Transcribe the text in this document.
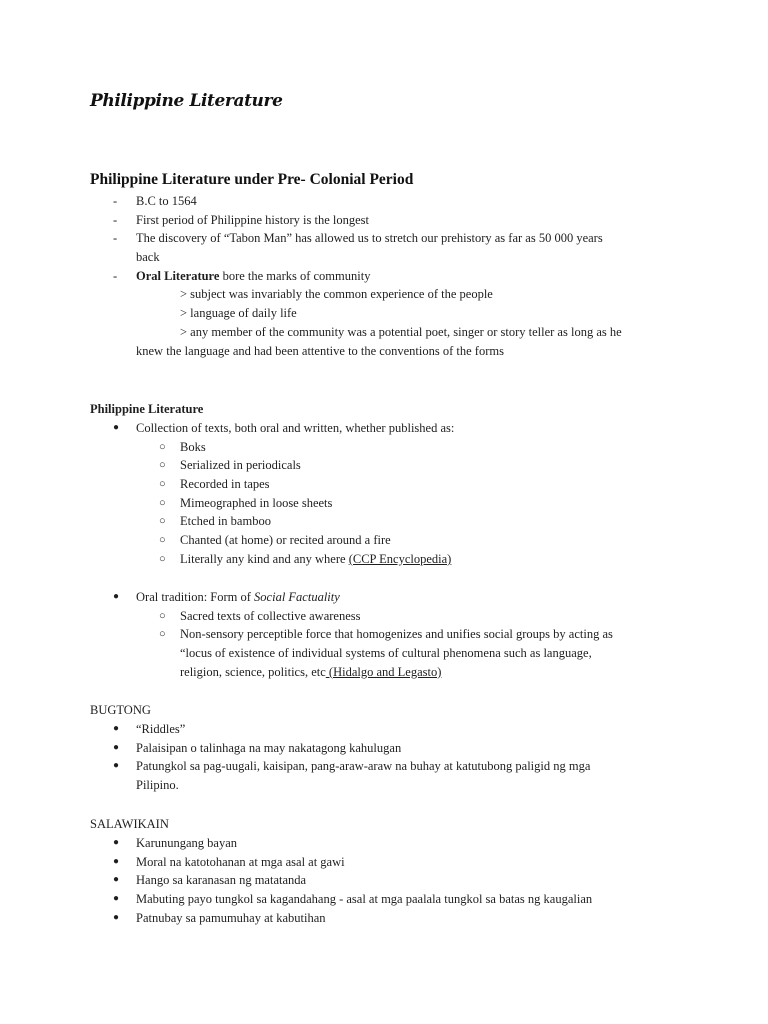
Philippine Literature
Philippine Literature under Pre- Colonial Period
- B.C to 1564
- First period of Philippine history is the longest
- The discovery of “Tabon Man” has allowed us to stretch our prehistory as far as 50 000 years
back
- Oral Literature bore the marks of community
> subject was invariably the common experience of the people
> language of daily life
> any member of the community was a potential poet, singer or story teller as long as he
knew the language and had been attentive to the conventions of the forms
Philippine Literature
● Collection of texts, both oral and written, whether published as:
○ Boks
○ Serialized in periodicals
○ Recorded in tapes
○ Mimeographed in loose sheets
○ Etched in bamboo
○ Chanted (at home) or recited around a fire
○ Literally any kind and any where (CCP Encyclopedia)
● Oral tradition: Form of Social Factuality
○ Sacred texts of collective awareness
○ Non-sensory perceptible force that homogenizes and unifies social groups by acting as
“locus of existence of individual systems of cultural phenomena such as language,
religion, science, politics, etc (Hidalgo and Legasto)
BUGTONG
● “Riddles”
● Palaisipan o talinhaga na may nakatagong kahulugan
● Patungkol sa pag-uugali, kaisipan, pang-araw-araw na buhay at katutubong paligid ng mga
Pilipino.
SALAWIKAIN
● Karunungang bayan
● Moral na katotohanan at mga asal at gawi
● Hango sa karanasan ng matatanda
● Mabuting payo tungkol sa kagandahang - asal at mga paalala tungkol sa batas ng kaugalian
● Patnubay sa pamumuhay at kabutihan
